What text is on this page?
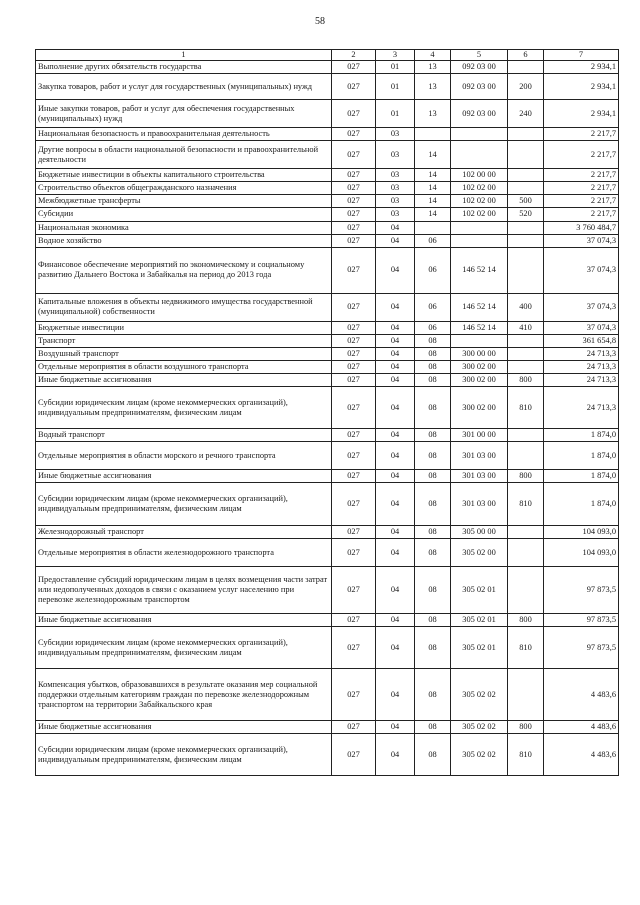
58
1	2	3	4	5	6	7
Выполнение других обязательств государства	027	01	13	092 03 00		2 934,1
Закупка товаров, работ и услуг для государственных (муниципальных) нужд	027	01	13	092 03 00	200	2 934,1
Иные закупки товаров, работ и услуг для обеспечения государственных (муниципальных) нужд	027	01	13	092 03 00	240	2 934,1
Национальная безопасность и правоохранительная деятельность	027	03				2 217,7
Другие вопросы в области национальной безопасности и правоохранительной деятельности	027	03	14			2 217,7
Бюджетные инвестиции в объекты капитального строительства	027	03	14	102 00 00		2 217,7
Строительство объектов общегражданского назначения	027	03	14	102 02 00		2 217,7
Межбюджетные трансферты	027	03	14	102 02 00	500	2 217,7
Субсидии	027	03	14	102 02 00	520	2 217,7
Национальная экономика	027	04				3 760 484,7
Водное хозяйство	027	04	06			37 074,3
Финансовое обеспечение мероприятий по экономическому и социальному развитию Дальнего Востока и Забайкалья на период до 2013 года	027	04	06	146 52 14		37 074,3
Капитальные вложения в объекты недвижимого имущества государственной (муниципальной) собственности	027	04	06	146 52 14	400	37 074,3
Бюджетные инвестиции	027	04	06	146 52 14	410	37 074,3
Транспорт	027	04	08			361 654,8
Воздушный транспорт	027	04	08	300 00 00		24 713,3
Отдельные мероприятия в области воздушного транспорта	027	04	08	300 02 00		24 713,3
Иные бюджетные ассигнования	027	04	08	300 02 00	800	24 713,3
Субсидии юридическим лицам (кроме некоммерческих организаций), индивидуальным предпринимателям, физическим лицам	027	04	08	300 02 00	810	24 713,3
Водный транспорт	027	04	08	301 00 00		1 874,0
Отдельные мероприятия в области морского и речного транспорта	027	04	08	301 03 00		1 874,0
Иные бюджетные ассигнования	027	04	08	301 03 00	800	1 874,0
Субсидии юридическим лицам (кроме некоммерческих организаций), индивидуальным предпринимателям, физическим лицам	027	04	08	301 03 00	810	1 874,0
Железнодорожный транспорт	027	04	08	305 00 00		104 093,0
Отдельные мероприятия в области железнодорожного транспорта	027	04	08	305 02 00		104 093,0
Предоставление субсидий юридическим лицам в целях возмещения части затрат или недополученных доходов в связи с оказанием услуг населению при перевозке железнодорожным транспортом	027	04	08	305 02 01		97 873,5
Иные бюджетные ассигнования	027	04	08	305 02 01	800	97 873,5
Субсидии юридическим лицам (кроме некоммерческих организаций), индивидуальным предпринимателям, физическим лицам	027	04	08	305 02 01	810	97 873,5
Компенсация убытков, образовавшихся в результате оказания мер социальной поддержки отдельным категориям граждан по перевозке железнодорожным транспортом на территории Забайкальского края	027	04	08	305 02 02		4 483,6
Иные бюджетные ассигнования	027	04	08	305 02 02	800	4 483,6
Субсидии юридическим лицам (кроме некоммерческих организаций), индивидуальным предпринимателям, физическим лицам	027	04	08	305 02 02	810	4 483,6
